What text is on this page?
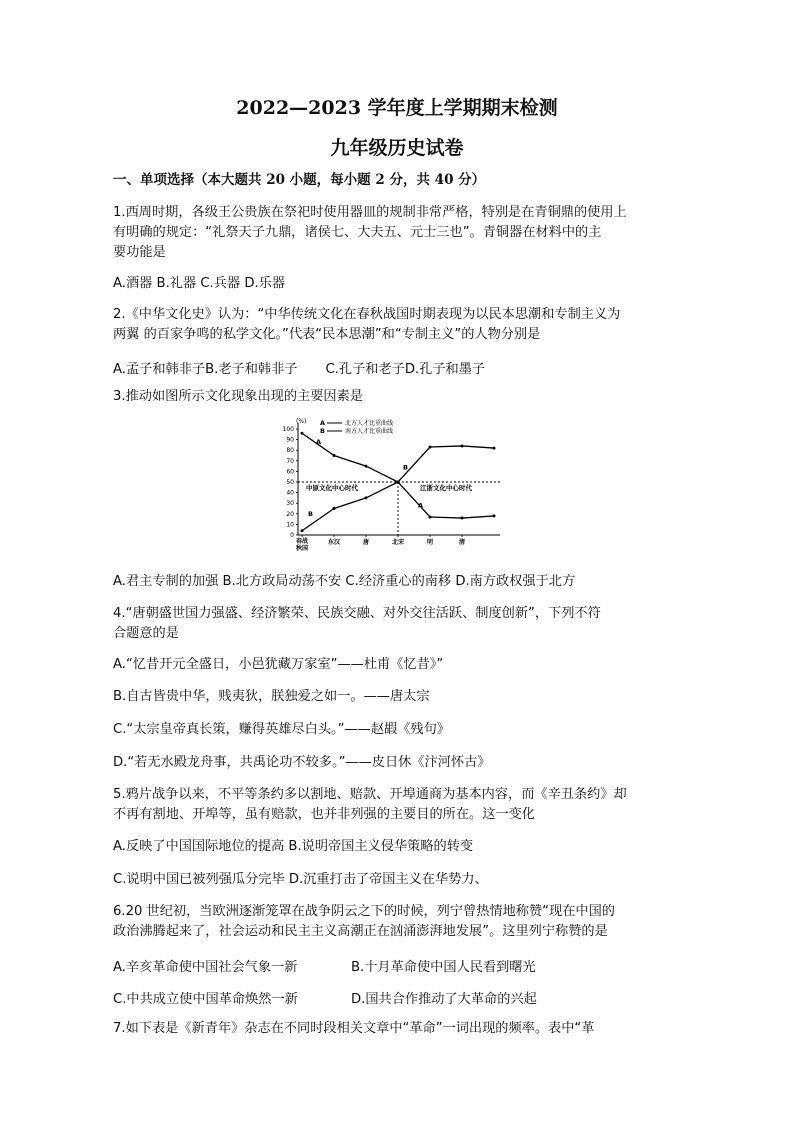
2022—2023 学年度上学期期末检测
九年级历史试卷
一、单项选择（本大题共 20 小题，每小题 2 分，共 40 分）
1.西周时期，各级王公贵族在祭祀时使用器皿的规制非常严格，特别是在青铜鼎的使用上
有明确的规定：“礼祭天子九鼎，诸侯七、大夫五、元士三也”。青铜器在材料中的主
要功能是
A.酒器 B.礼器 C.兵器 D.乐器
2.《中华文化史》认为：“中华传统文化在春秋战国时期表现为以民本思潮和专制主义为
两翼 的百家争鸣的私学文化。”代表“民本思潮”和“专制主义”的人物分别是
A.孟子和韩非子B.老子和韩非子 C.孔子和老子D.孔子和墨子
3.推动如图所示文化现象出现的主要因素是
(%)
0
10
20
30
40
50
60
70
80
90
100
春战
秋国
东汉	唐	北宋	明	清
A
B
B
A
中原文化中心时代	江浙文化中心时代
A	北方人才比重曲线
B	南方人才比重曲线
A.君主专制的加强 B.北方政局动荡不安 C.经济重心的南移 D.南方政权强于北方
4.“唐朝盛世国力强盛、经济繁荣、民族交融、对外交往活跃、制度创新”，下列不符
合题意的是
A.“忆昔开元全盛日，小邑犹藏万家室”——杜甫《忆昔》”
B.自古皆贵中华，贱夷狄，朕独爱之如一。——唐太宗
C.“太宗皇帝真长策，赚得英雄尽白头。”——赵嘏《残句》
D.“若无水殿龙舟事，共禹论功不较多。”——皮日休《汴河怀古》
5.鸦片战争以来，不平等条约多以割地、赔款、开埠通商为基本内容，而《辛丑条约》却
不再有割地、开埠等，虽有赔款，也并非列强的主要目的所在。这一变化
A.反映了中国国际地位的提高 B.说明帝国主义侵华策略的转变
C.说明中国已被列强瓜分完毕 D.沉重打击了帝国主义在华势力、
6.20 世纪初，当欧洲逐渐笼罩在战争阴云之下的时候，列宁曾热情地称赞“现在中国的
政治沸腾起来了，社会运动和民主主义高潮正在汹涌澎湃地发展”。这里列宁称赞的是
A.辛亥革命使中国社会气象一新	B.十月革命使中国人民看到曙光
C.中共成立使中国革命焕然一新	D.国共合作推动了大革命的兴起
7.如下表是《新青年》杂志在不同时段相关文章中“革命”一词出现的频率。表中“革
